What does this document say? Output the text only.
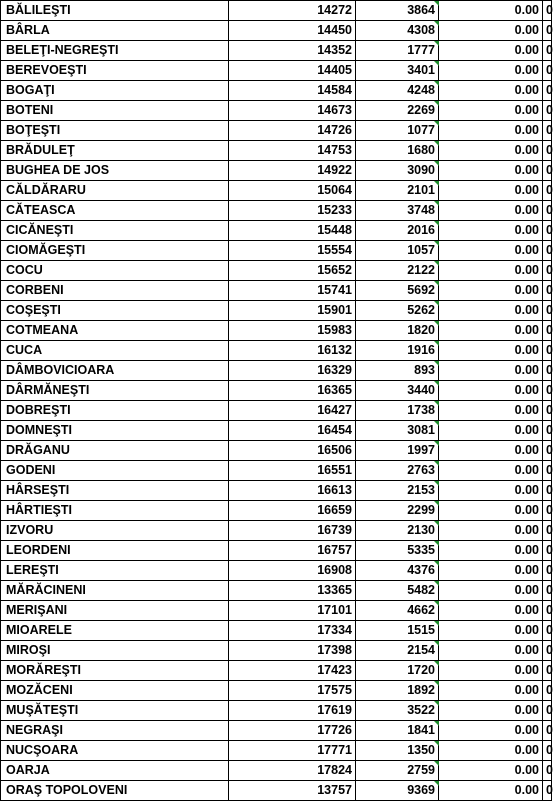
BĂLILEŞTI	14272	3864	0.00	0
BÂRLA	14450	4308	0.00	0
BELEŢI-NEGREŞTI	14352	1777	0.00	0
BEREVOEŞTI	14405	3401	0.00	0
BOGAŢI	14584	4248	0.00	0
BOTENI	14673	2269	0.00	0
BOŢEŞTI	14726	1077	0.00	0
BRĂDULEŢ	14753	1680	0.00	0
BUGHEA DE JOS	14922	3090	0.00	0
CĂLDĂRARU	15064	2101	0.00	0
CĂTEASCA	15233	3748	0.00	0
CICĂNEŞTI	15448	2016	0.00	0
CIOMĂGEŞTI	15554	1057	0.00	0
COCU	15652	2122	0.00	0
CORBENI	15741	5692	0.00	0
COŞEŞTI	15901	5262	0.00	0
COTMEANA	15983	1820	0.00	0
CUCA	16132	1916	0.00	0
DÂMBOVICIOARA	16329	893	0.00	0
DÂRMĂNEŞTI	16365	3440	0.00	0
DOBREŞTI	16427	1738	0.00	0
DOMNEŞTI	16454	3081	0.00	0
DRĂGANU	16506	1997	0.00	0
GODENI	16551	2763	0.00	0
HÂRSEŞTI	16613	2153	0.00	0
HÂRTIEŞTI	16659	2299	0.00	0
IZVORU	16739	2130	0.00	0
LEORDENI	16757	5335	0.00	0
LEREŞTI	16908	4376	0.00	0
MĂRĂCINENI	13365	5482	0.00	0
MERIŞANI	17101	4662	0.00	0
MIOARELE	17334	1515	0.00	0
MIROŞI	17398	2154	0.00	0
MORĂREŞTI	17423	1720	0.00	0
MOZĂCENI	17575	1892	0.00	0
MUŞĂTEŞTI	17619	3522	0.00	0
NEGRAŞI	17726	1841	0.00	0
NUCŞOARA	17771	1350	0.00	0
OARJA	17824	2759	0.00	0
ORAŞ TOPOLOVENI	13757	9369	0.00	0
